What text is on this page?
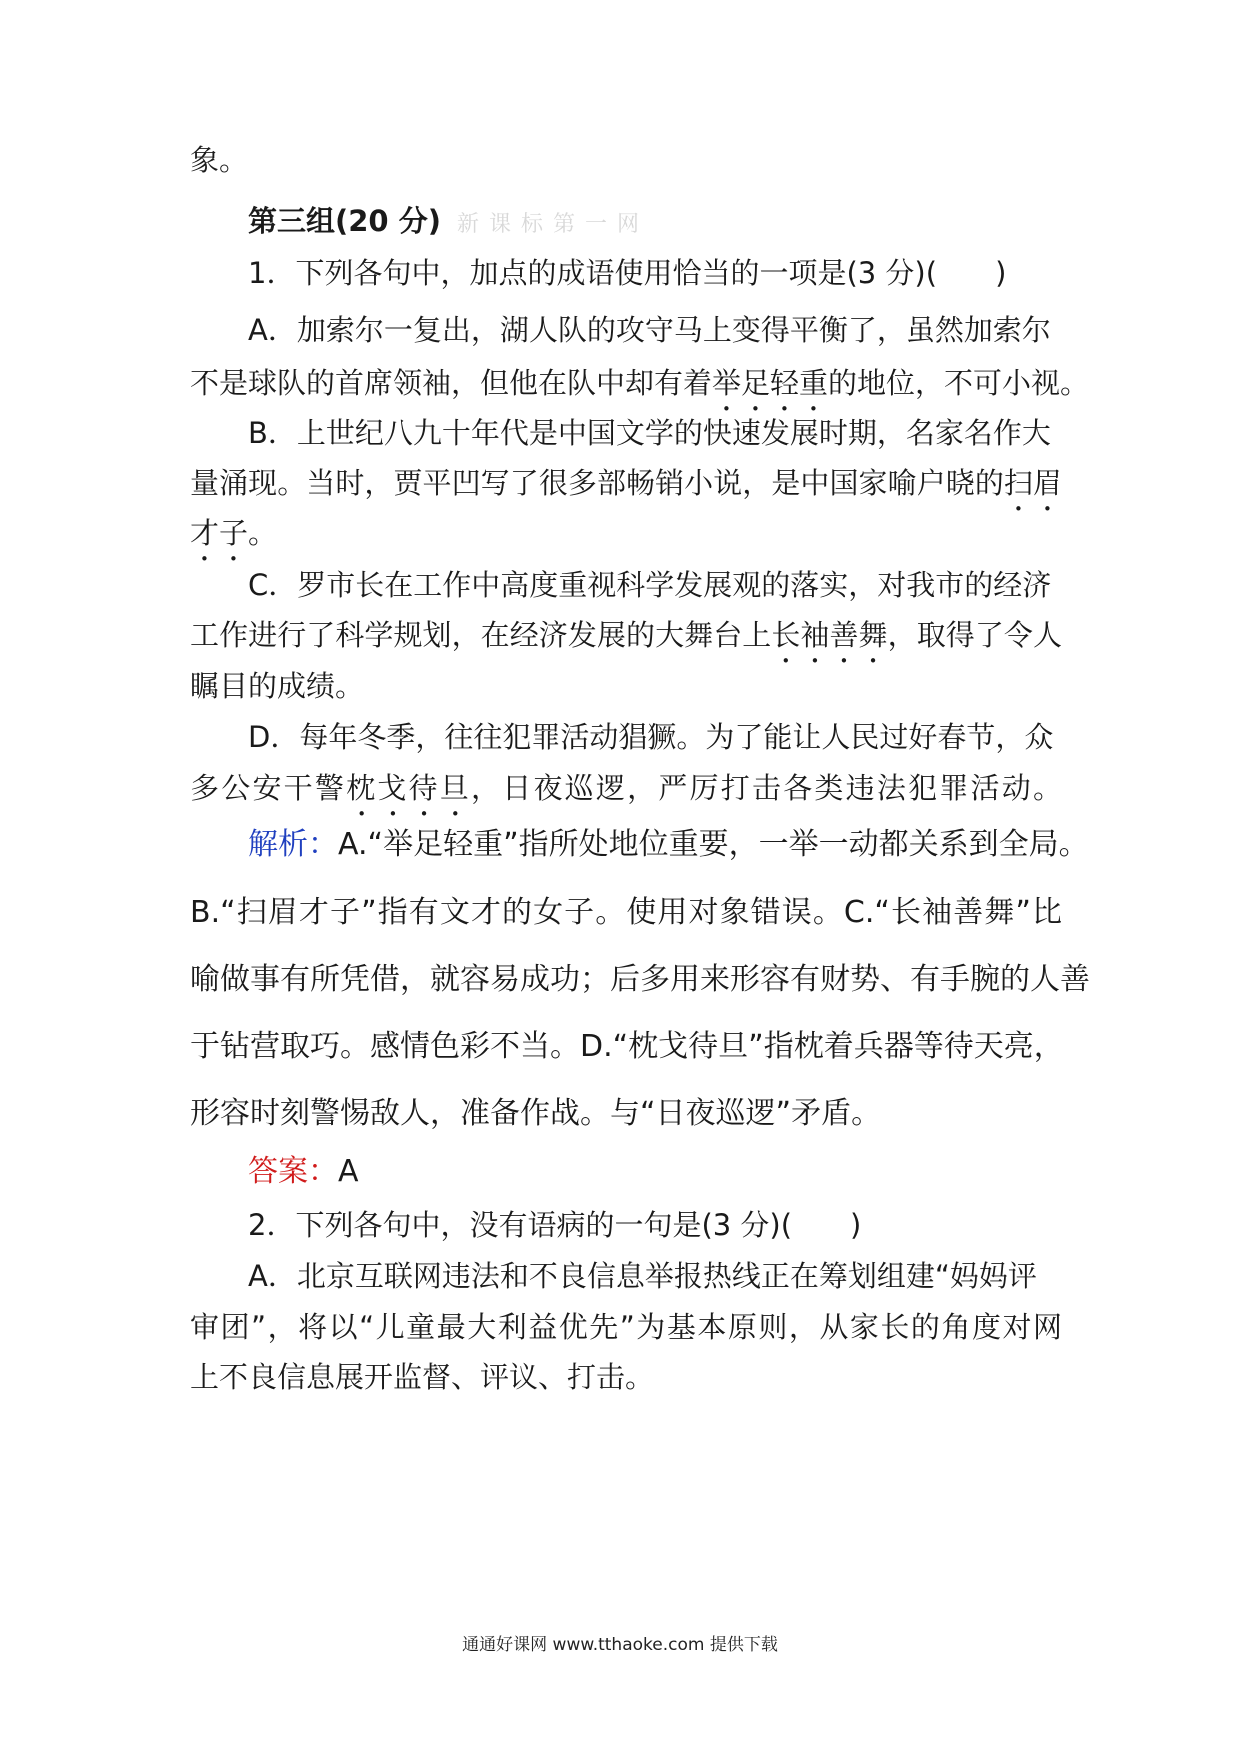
象。
第三组(20 分) 新课标第一网
1．下列各句中，加点的成语使用恰当的一项是(3 分)(　　)
A．加索尔一复出，湖人队的攻守马上变得平衡了，虽然加索尔
不是球队的首席领袖，但他在队中却有着举足轻重的地位，不可小视。
B．上世纪八九十年代是中国文学的快速发展时期，名家名作大
量涌现。当时，贾平凹写了很多部畅销小说，是中国家喻户晓的扫眉
才子。
C．罗市长在工作中高度重视科学发展观的落实，对我市的经济
工作进行了科学规划，在经济发展的大舞台上长袖善舞，取得了令人
瞩目的成绩。
D．每年冬季，往往犯罪活动猖獗。为了能让人民过好春节，众
多公安干警枕戈待旦，日夜巡逻，严厉打击各类违法犯罪活动。
解析：A.“举足轻重”指所处地位重要，一举一动都关系到全局。
B.“扫眉才子”指有文才的女子。使用对象错误。C.“长袖善舞”比
喻做事有所凭借，就容易成功；后多用来形容有财势、有手腕的人善
于钻营取巧。感情色彩不当。D.“枕戈待旦”指枕着兵器等待天亮，
形容时刻警惕敌人，准备作战。与“日夜巡逻”矛盾。
答案：A
2．下列各句中，没有语病的一句是(3 分)(　　)
A．北京互联网违法和不良信息举报热线正在筹划组建“妈妈评
审团”，将以“儿童最大利益优先”为基本原则，从家长的角度对网
上不良信息展开监督、评议、打击。
通通好课网 www.tthaoke.com 提供下载
